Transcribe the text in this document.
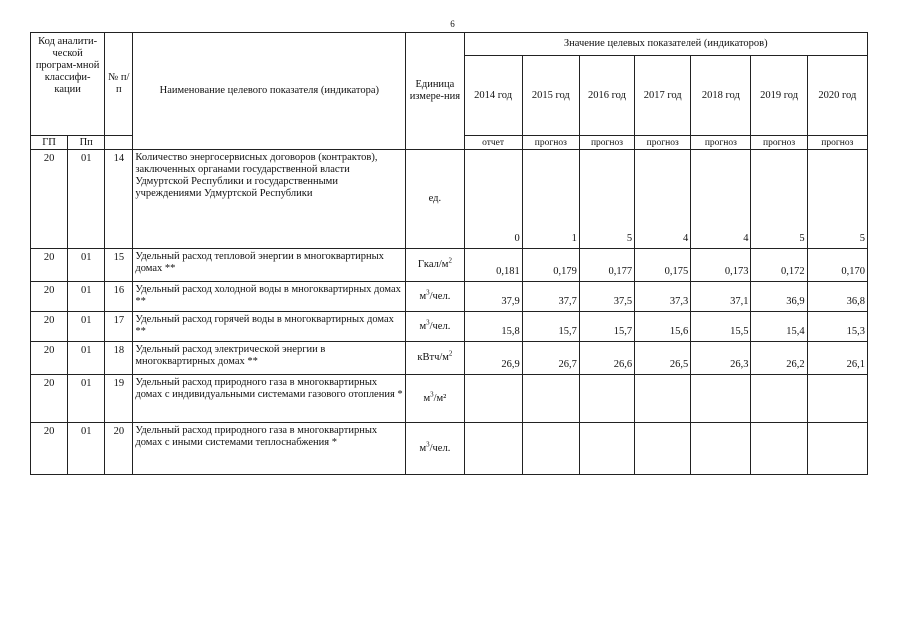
6
Код аналити-ческой програм-мной классифи-кации		№ п/п	Наименование целевого показателя (индикатора)	Единица измере-ния	Значение целевых показателей (индикаторов)						
					2014 год	2015 год	2016 год	2017 год	2018 год	2019 год	2020 год
ГП	Пп				отчет	прогноз	прогноз	прогноз	прогноз	прогноз	прогноз
20	01	14	Количество энергосервисных договоров (контрактов), заключенных органами государственной власти Удмуртской Республики и государственными учреждениями Удмуртской Республики	ед.	0	1	5	4	4	5	5
20	01	15	Удельный расход тепловой энергии в многоквартирных домах **	Гкал/$м^2$	0,181	0,179	0,177	0,175	0,173	0,172	0,170
20	01	16	Удельный расход холодной воды в многоквартирных домах **	$м^3$/чел.	37,9	37,7	37,5	37,3	37,1	36,9	36,8
20	01	17	Удельный расход горячей воды в многоквартирных домах **	$м^3$/чел.	15,8	15,7	15,7	15,6	15,5	15,4	15,3
20	01	18	Удельный расход электрической энергии в многоквартирных домах **	кВтч/$м^2$	26,9	26,7	26,6	26,5	26,3	26,2	26,1
20	01	19	Удельный расход природного газа в многоквартирных домах с индивидуальными системами газового отопления *	$м^3/м^2$							
20	01	20	Удельный расход природного газа в многоквартирных домах с иными системами теплоснабжения *	$м^3$/чел.							
